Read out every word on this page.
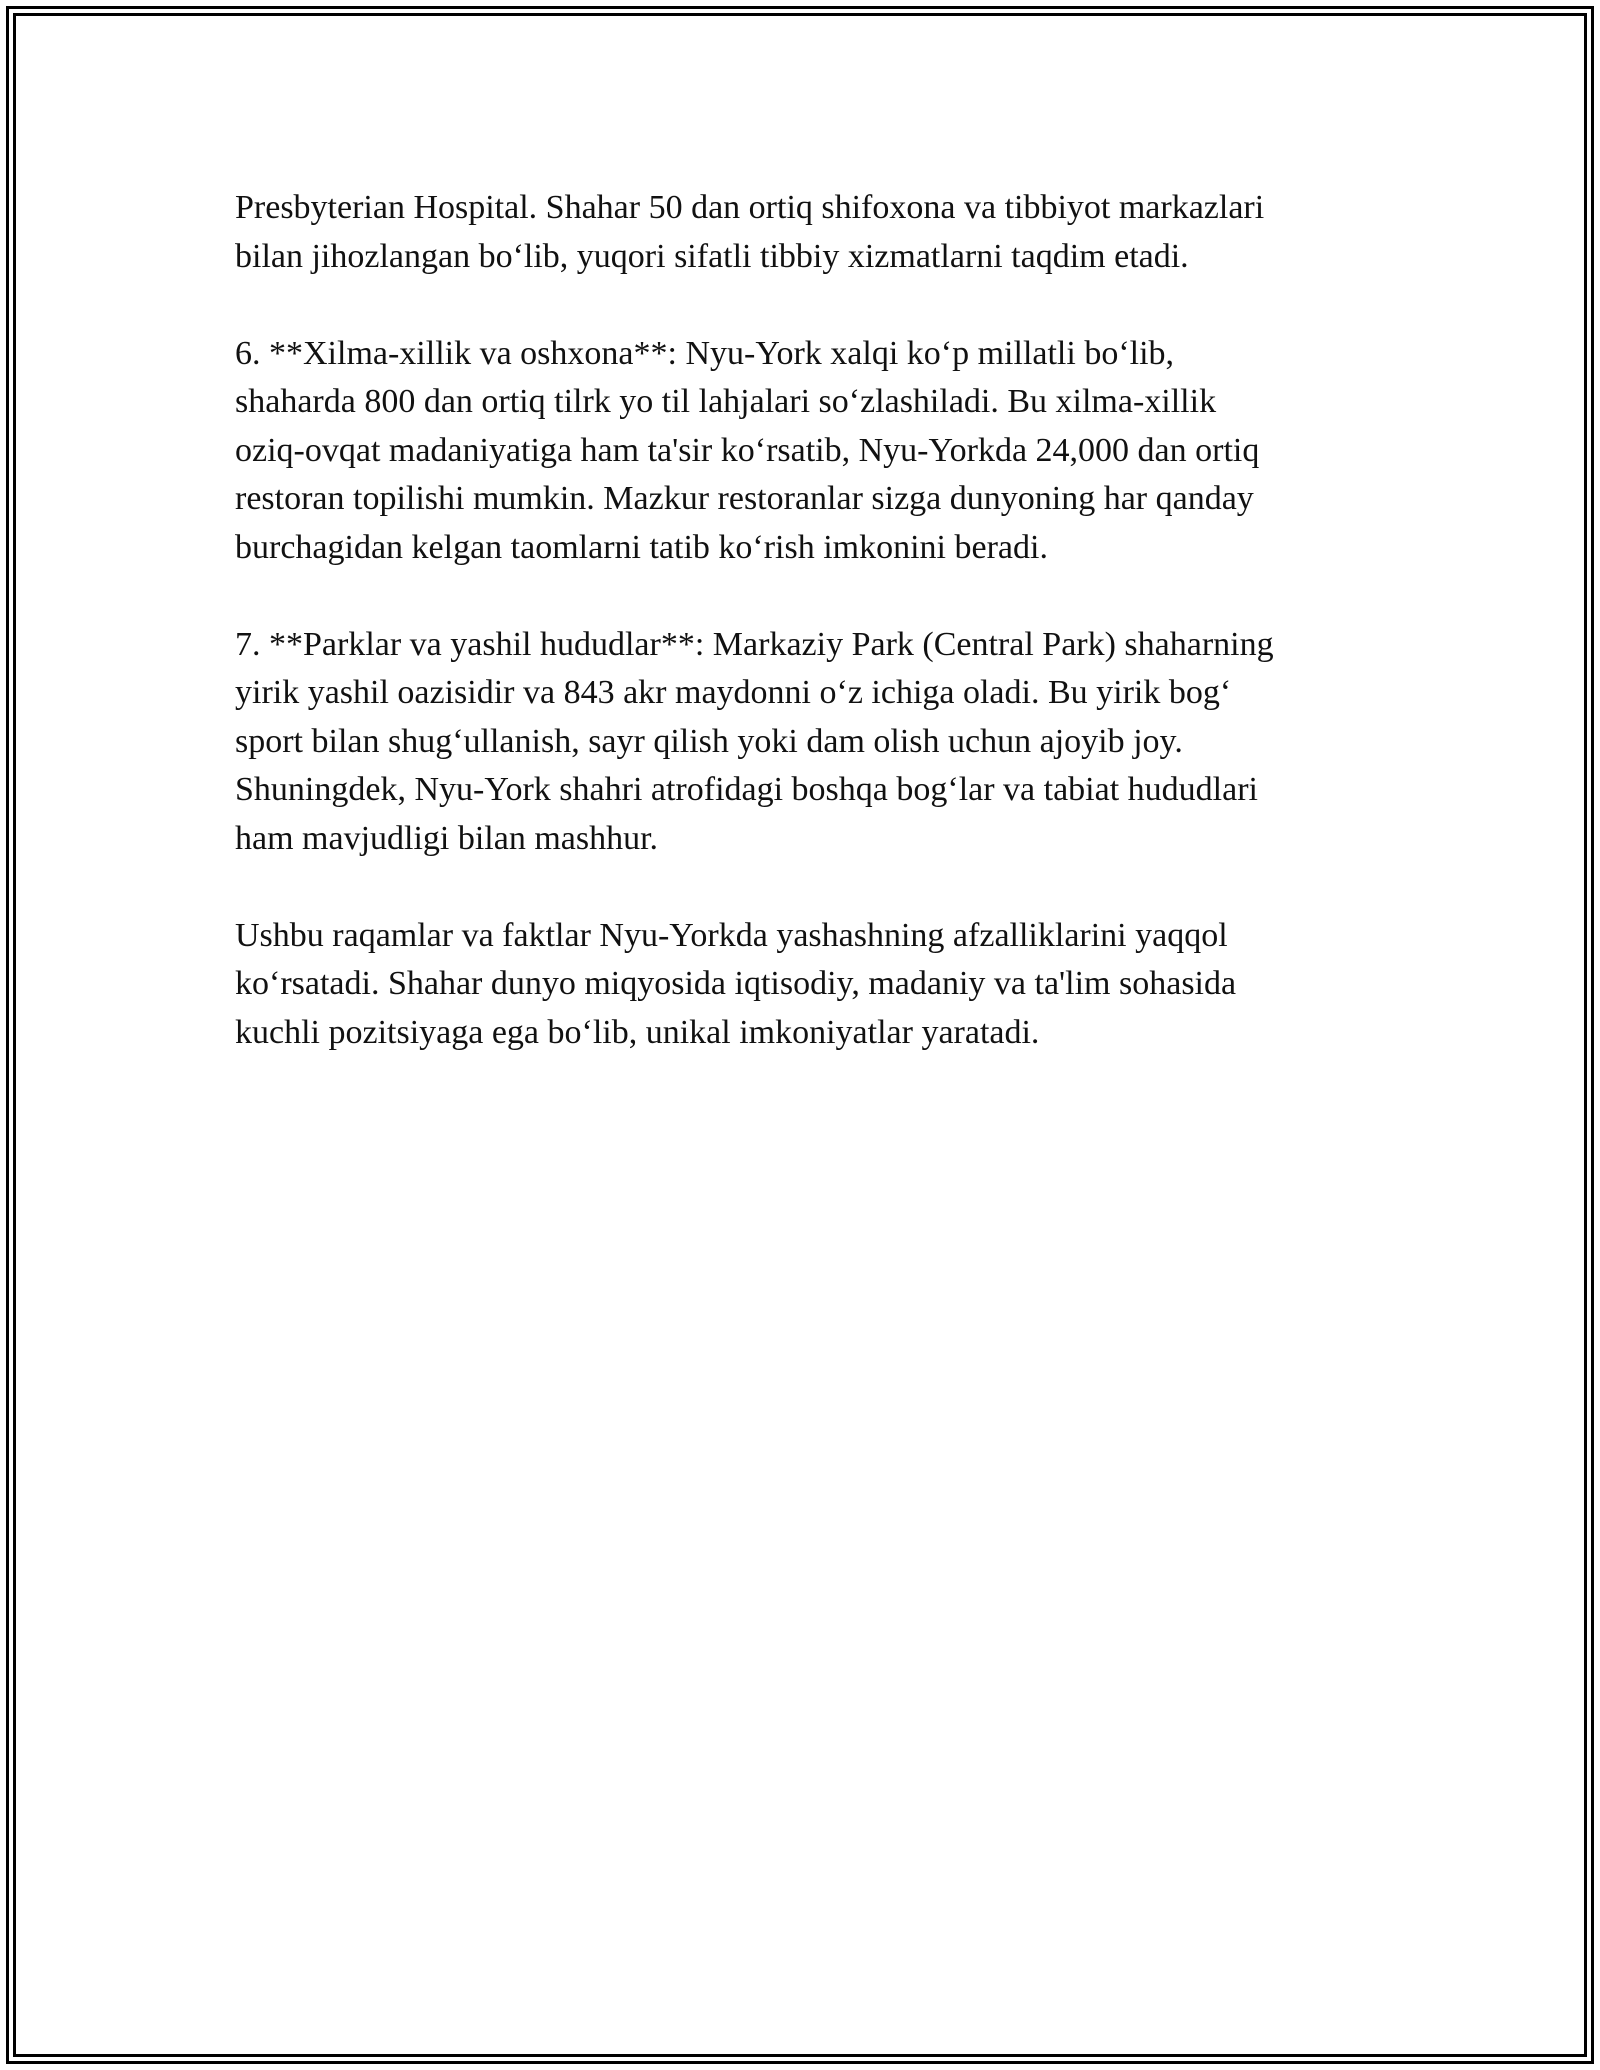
Presbyterian Hospital. Shahar 50 dan ortiq shifoxona va tibbiyot markazlari
bilan jihozlangan bo‘lib, yuqori sifatli tibbiy xizmatlarni taqdim etadi.

6. **Xilma-xillik va oshxona**: Nyu-York xalqi ko‘p millatli bo‘lib,
shaharda 800 dan ortiq tilrk yo til lahjalari so‘zlashiladi. Bu xilma-xillik
oziq-ovqat madaniyatiga ham ta'sir ko‘rsatib, Nyu-Yorkda 24,000 dan ortiq
restoran topilishi mumkin. Mazkur restoranlar sizga dunyoning har qanday
burchagidan kelgan taomlarni tatib ko‘rish imkonini beradi.

7. **Parklar va yashil hududlar**: Markaziy Park (Central Park) shaharning
yirik yashil oazisidir va 843 akr maydonni o‘z ichiga oladi. Bu yirik bog‘
sport bilan shug‘ullanish, sayr qilish yoki dam olish uchun ajoyib joy.
Shuningdek, Nyu-York shahri atrofidagi boshqa bog‘lar va tabiat hududlari
ham mavjudligi bilan mashhur.

Ushbu raqamlar va faktlar Nyu-Yorkda yashashning afzalliklarini yaqqol
ko‘rsatadi. Shahar dunyo miqyosida iqtisodiy, madaniy va ta'lim sohasida
kuchli pozitsiyaga ega bo‘lib, unikal imkoniyatlar yaratadi.
